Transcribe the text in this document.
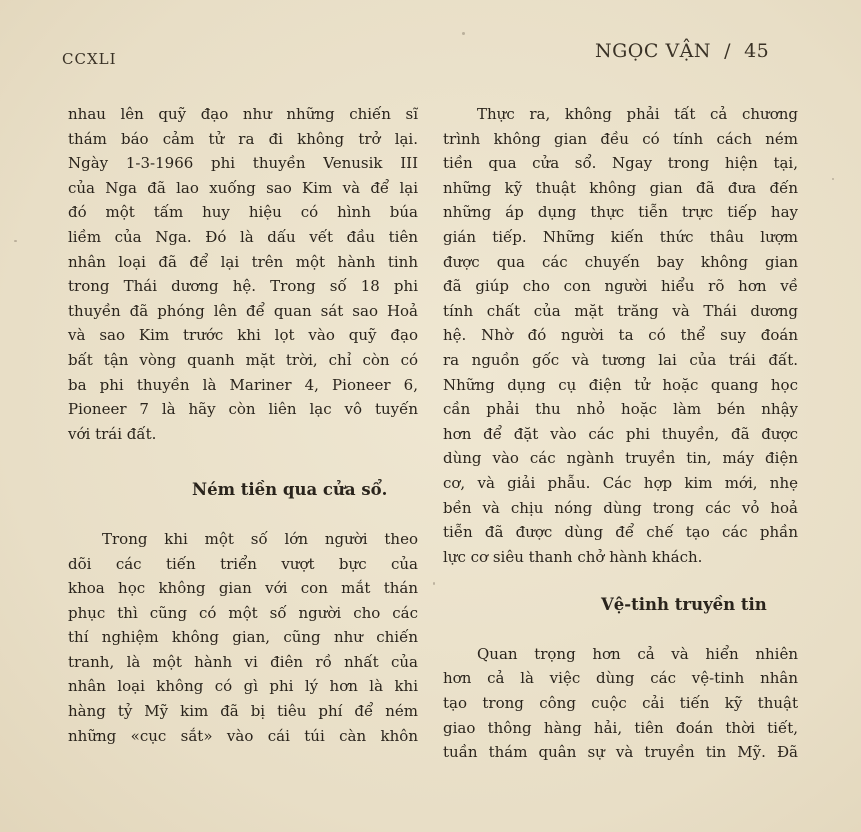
CCXLI	NGỌC VẬN  /  45
nhau lên quỹ đạo như những chiến sĩ
thám báo cảm tử ra đi không trở lại.
Ngày 1-3-1966 phi thuyền Venusik III
của Nga đã lao xuống sao Kim và để lại
đó một tấm huy hiệu có hình búa
liềm của Nga. Đó là dấu vết đầu tiên
nhân loại đã để lại trên một hành tinh
trong Thái dương hệ. Trong số 18 phi
thuyền đã phóng lên để quan sát sao Hoả
và sao Kim trước khi lọt vào quỹ đạo
bất tận vòng quanh mặt trời, chỉ còn có
ba phi thuyền là Mariner 4, Pioneer 6,
Pioneer 7 là hãy còn liên lạc vô tuyến
với trái đất.
Ném tiền qua cửa sổ.
Trong khi một số lớn người theo
dõi các tiến triển vượt bực của
khoa học không gian với con mắt thán
phục thì cũng có một số người cho các
thí nghiệm không gian, cũng như chiến
tranh, là một hành vi điên rồ nhất của
nhân loại không có gì phi lý hơn là khi
hàng tỷ Mỹ kim đã bị tiêu phí để ném
những «cục sắt» vào cái túi càn khôn
Thực ra, không phải tất cả chương
trình không gian đều có tính cách ném
tiền qua cửa sổ. Ngay trong hiện tại,
những kỹ thuật không gian đã đưa đến
những áp dụng thực tiễn trực tiếp hay
gián tiếp. Những kiến thức thâu lượm
được qua các chuyến bay không gian
đã giúp cho con người hiểu rõ hơn về
tính chất của mặt trăng và Thái dương
hệ. Nhờ đó người ta có thể suy đoán
ra nguồn gốc và tương lai của trái đất.
Những dụng cụ điện tử hoặc quang học
cần phải thu nhỏ hoặc làm bén nhậy
hơn để đặt vào các phi thuyền, đã được
dùng vào các ngành truyền tin, máy điện
cơ, và giải phẫu. Các hợp kim mới, nhẹ
bền và chịu nóng dùng trong các vỏ hoả
tiễn đã được dùng để chế tạo các phần
lực cơ siêu thanh chở hành khách.
Vệ-tinh truyền tin
Quan trọng hơn cả và hiển nhiên
hơn cả là việc dùng các vệ-tinh nhân
tạo trong công cuộc cải tiến kỹ thuật
giao thông hàng hải, tiên đoán thời tiết,
tuần thám quân sự và truyền tin Mỹ. Đã
